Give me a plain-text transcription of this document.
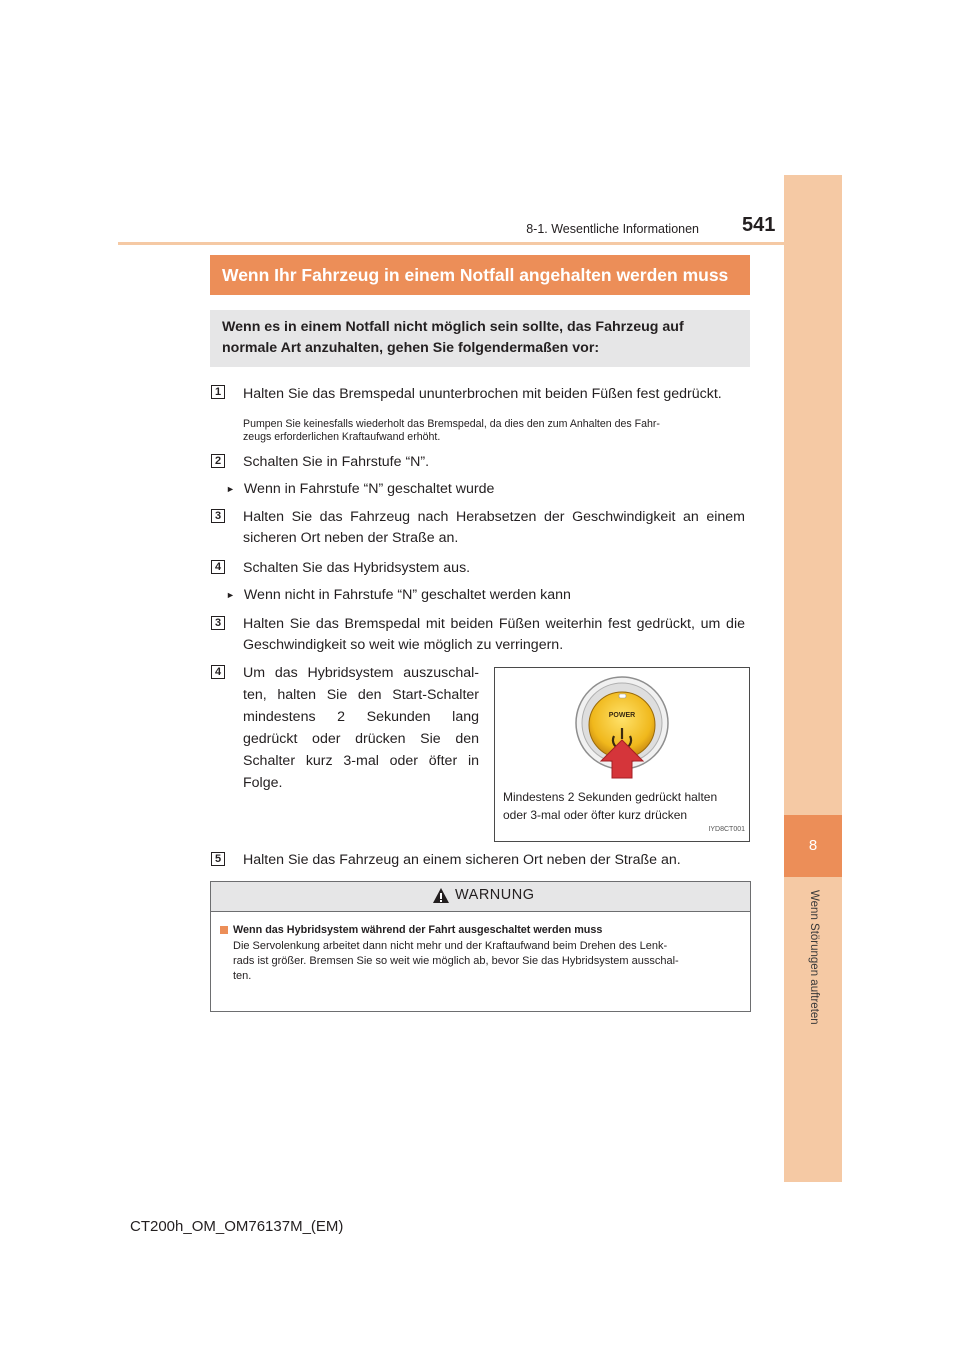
8
Wenn Störungen auftreten
8-1. Wesentliche Informationen 541
Wenn Ihr Fahrzeug in einem Notfall angehalten werden muss
Wenn es in einem Notfall nicht möglich sein sollte, das Fahrzeug auf normale Art anzuhalten, gehen Sie folgendermaßen vor:
1 Halten Sie das Bremspedal ununterbrochen mit beiden Füßen fest gedrückt.
Pumpen Sie keinesfalls wiederholt das Bremspedal, da dies den zum Anhalten des Fahr-
zeugs erforderlichen Kraftaufwand erhöht.
2 Schalten Sie in Fahrstufe “N”.
► Wenn in Fahrstufe “N” geschaltet wurde
3 Halten Sie das Fahrzeug nach Herabsetzen der Geschwindigkeit an einem
sicheren Ort neben der Straße an.
4 Schalten Sie das Hybridsystem aus.
► Wenn nicht in Fahrstufe “N” geschaltet werden kann
3 Halten Sie das Bremspedal mit beiden Füßen weiterhin fest gedrückt, um die
Geschwindigkeit so weit wie möglich zu verringern.
4 Um das Hybridsystem auszuschal-
ten, halten Sie den Start-Schalter
mindestens 2 Sekunden lang
gedrückt oder drücken Sie den
Schalter kurz 3-mal oder öfter in
Folge.
POWER
Mindestens 2 Sekunden gedrückt halten
oder 3-mal oder öfter kurz drücken
IYD8CT001
5 Halten Sie das Fahrzeug an einem sicheren Ort neben der Straße an.
WARNUNG
Wenn das Hybridsystem während der Fahrt ausgeschaltet werden muss
Die Servolenkung arbeitet dann nicht mehr und der Kraftaufwand beim Drehen des Lenk-
rads ist größer. Bremsen Sie so weit wie möglich ab, bevor Sie das Hybridsystem ausschal-
ten.
CT200h_OM_OM76137M_(EM)
